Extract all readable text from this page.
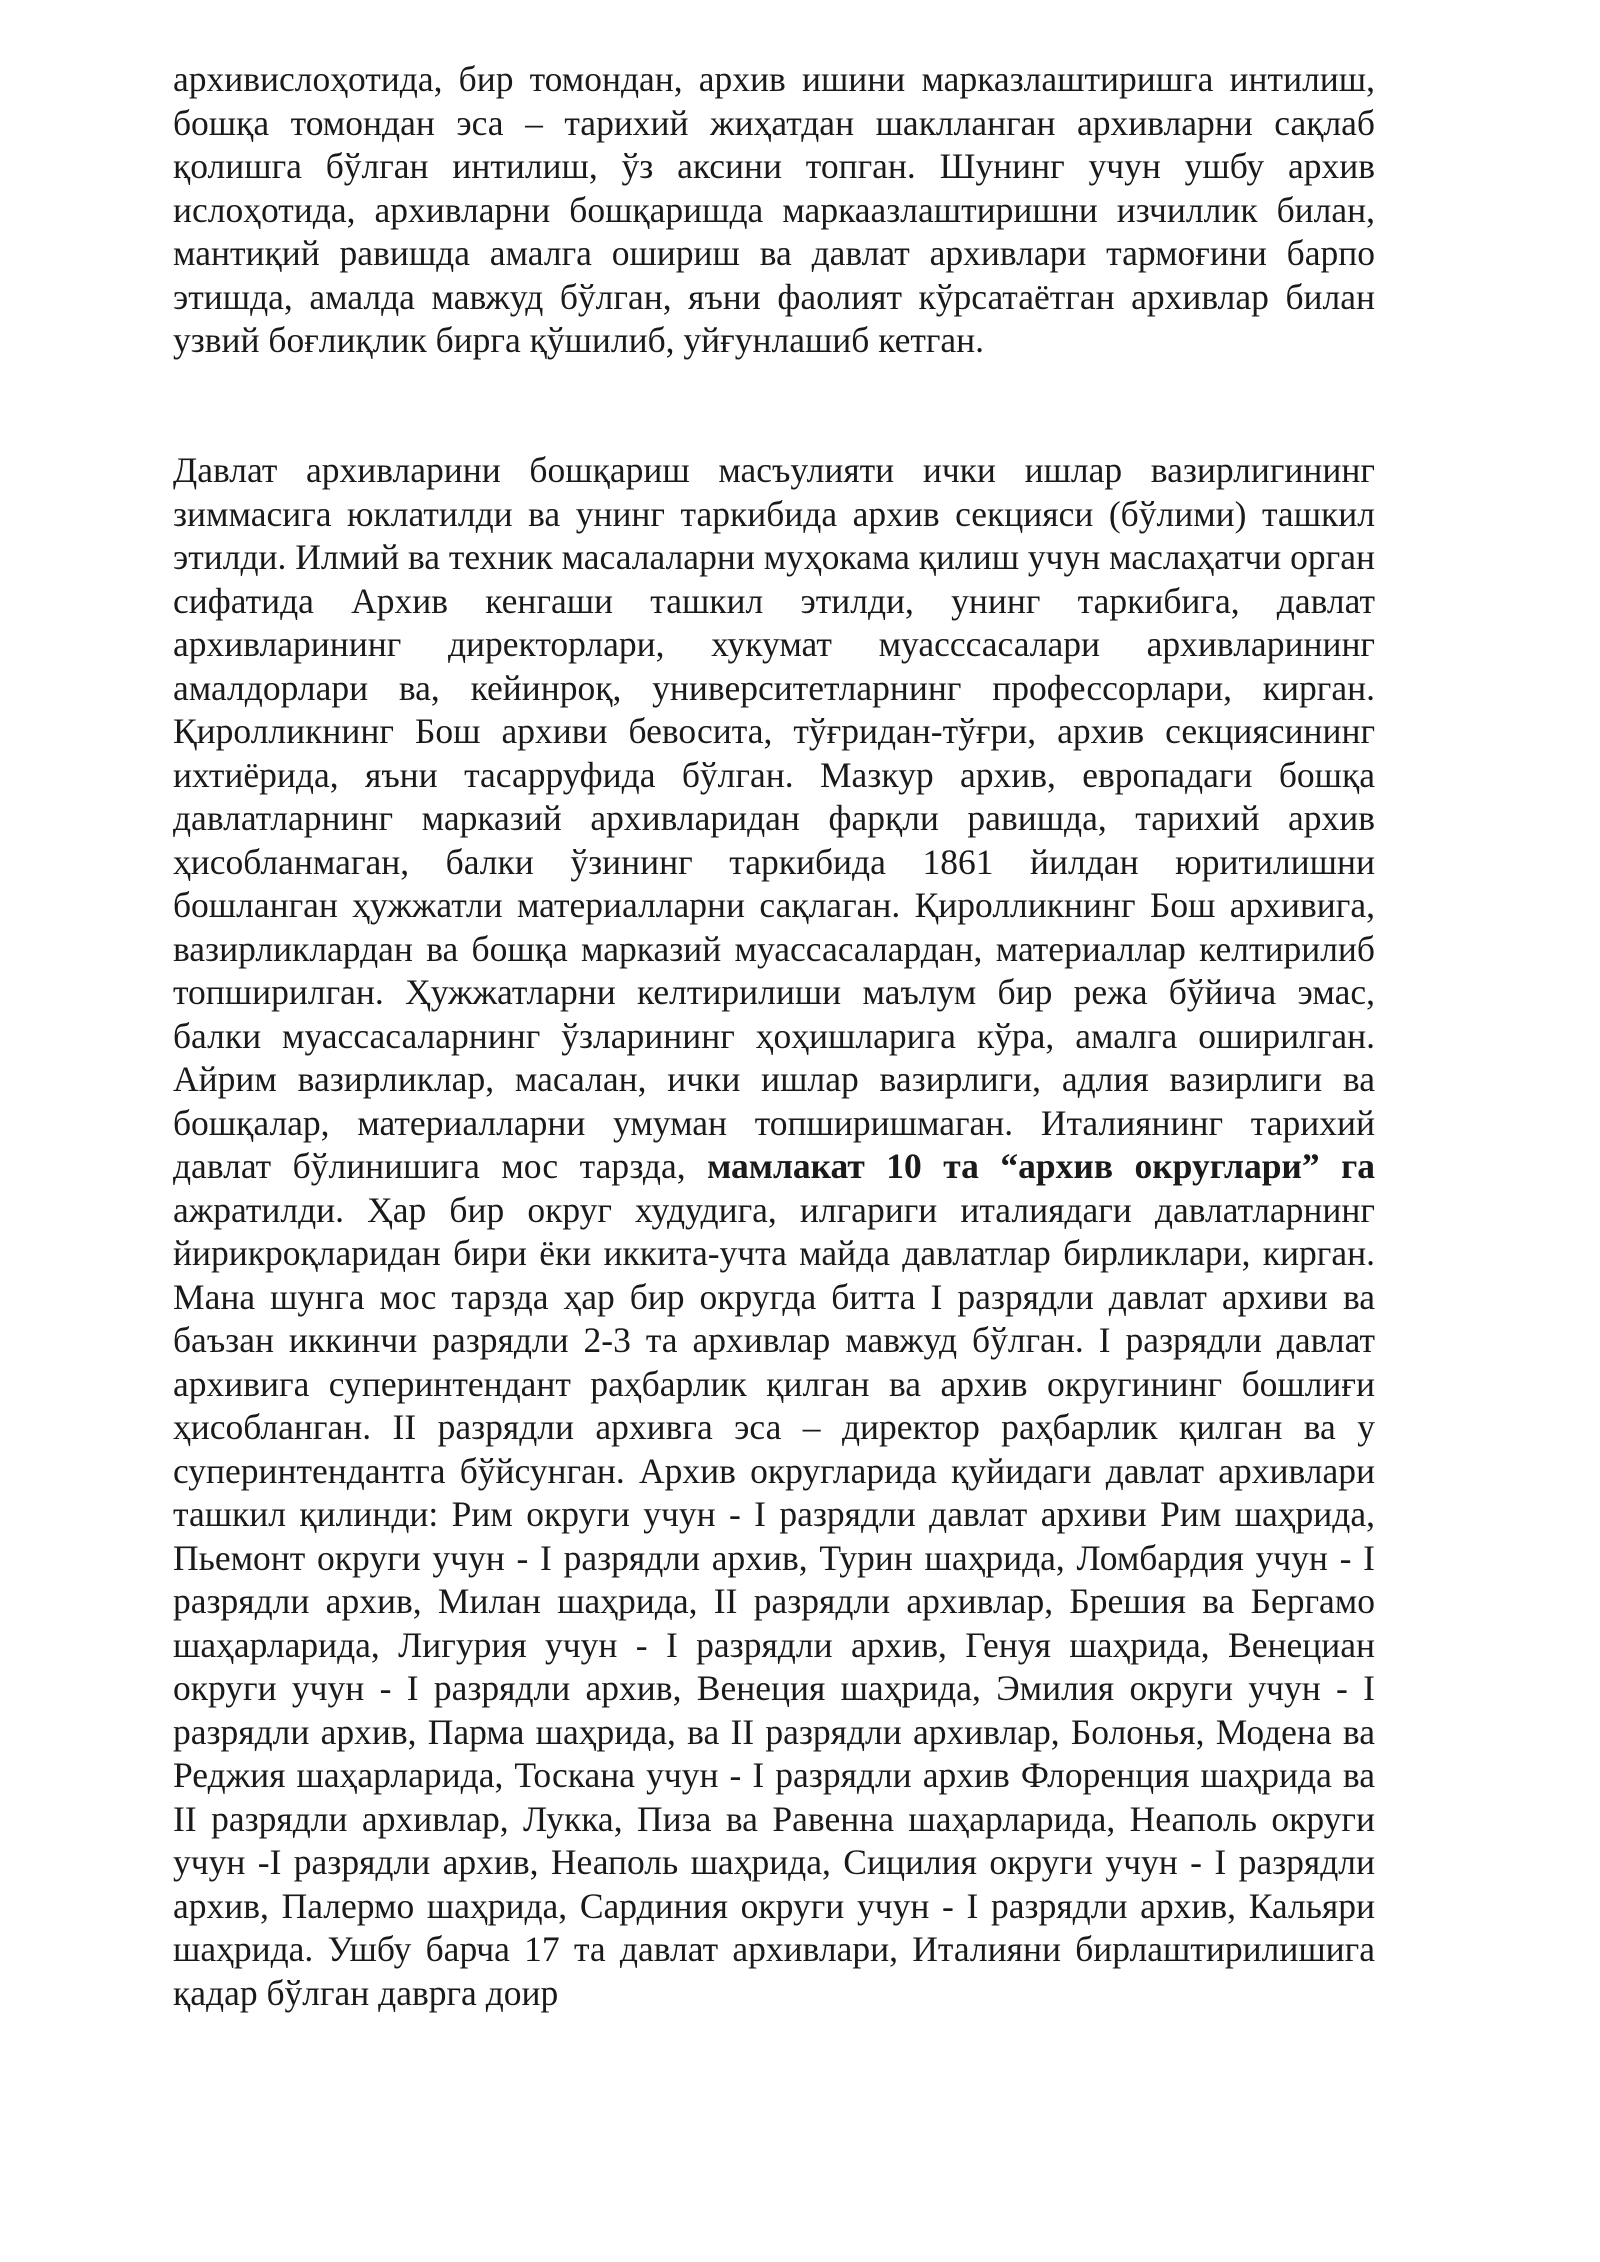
архивислоҳотида, бир томондан, архив ишини марказлаштиришга интилиш, бошқа томондан эса – тарихий жиҳатдан шаклланган архивларни сақлаб қолишга бўлган интилиш, ўз аксини топган. Шунинг учун ушбу архив ислоҳотида, архивларни бошқаришда маркаазлаштиришни изчиллик билан, мантиқий равишда амалга ошириш ва давлат архивлари тармоғини барпо этишда, амалда мавжуд бўлган, яъни фаолият кўрсатаётган архивлар билан узвий боғлиқлик бирга қўшилиб, уйғунлашиб кетган.

Давлат архивларини бошқариш масъулияти ички ишлар вазирлигининг зиммасига юклатилди ва унинг таркибида архив секцияси (бўлими) ташкил этилди. Илмий ва техник масалаларни муҳокама қилиш учун маслаҳатчи орган сифатида Архив кенгаши ташкил этилди, унинг таркибига, давлат архивларининг директорлари, хукумат муасссасалари архивларининг амалдорлари ва, кейинроқ, университетларнинг профессорлари, кирган. Қиролликнинг Бош архиви бевосита, тўғридан-тўғри, архив секциясининг ихтиёрида, яъни тасарруфида бўлган. Мазкур архив, европадаги бошқа давлатларнинг марказий архивларидан фарқли равишда, тарихий архив ҳисобланмаган, балки ўзининг таркибида 1861 йилдан юритилишни бошланган ҳужжатли материалларни сақлаган. Қиролликнинг Бош архивига, вазирликлардан ва бошқа марказий муассасалардан, материаллар келтирилиб топширилган. Ҳужжатларни келтирилиши маълум бир режа бўйича эмас, балки муассасаларнинг ўзларининг ҳоҳишларига кўра, амалга оширилган. Айрим вазирликлар, масалан, ички ишлар вазирлиги, адлия вазирлиги ва бошқалар, материалларни умуман топширишмаган. Италиянинг тарихий давлат бўлинишига мос тарзда, мамлакат 10 та “архив округлари” га ажратилди. Ҳар бир округ худудига, илгариги италиядаги давлатларнинг йирикроқларидан бири ёки иккита-учта майда давлатлар бирликлари, кирган. Мана шунга мос тарзда ҳар бир округда битта I разрядли давлат архиви ва баъзан иккинчи разрядли 2-3 та архивлар мавжуд бўлган. I разрядли давлат архивига суперинтендант раҳбарлик қилган ва архив округининг бошлиғи ҳисобланган. II разрядли архивга эса – директор раҳбарлик қилган ва у суперинтендантга бўйсунган. Архив округларида қуйидаги давлат архивлари ташкил қилинди: Рим округи учун - I разрядли давлат архиви Рим шаҳрида, Пьемонт округи учун - I разрядли архив, Турин шаҳрида, Ломбардия учун - I разрядли архив, Милан шаҳрида, II разрядли архивлар, Брешия ва Бергамо шаҳарларида, Лигурия учун - I разрядли архив, Генуя шаҳрида, Венециан округи учун - I разрядли архив, Венеция шаҳрида, Эмилия округи учун - I разрядли архив, Парма шаҳрида, ва II разрядли архивлар, Болонья, Модена ва Реджия шаҳарларида, Тоскана учун - I разрядли архив Флоренция шаҳрида ва II разрядли архивлар, Лукка, Пиза ва Равенна шаҳарларида, Неаполь округи учун -I разрядли архив, Неаполь шаҳрида, Сицилия округи учун - I разрядли архив, Палермо шаҳрида, Сардиния округи учун - I разрядли архив, Кальяри шаҳрида. Ушбу барча 17 та давлат архивлари, Италияни бирлаштирилишига қадар бўлган даврга доир
